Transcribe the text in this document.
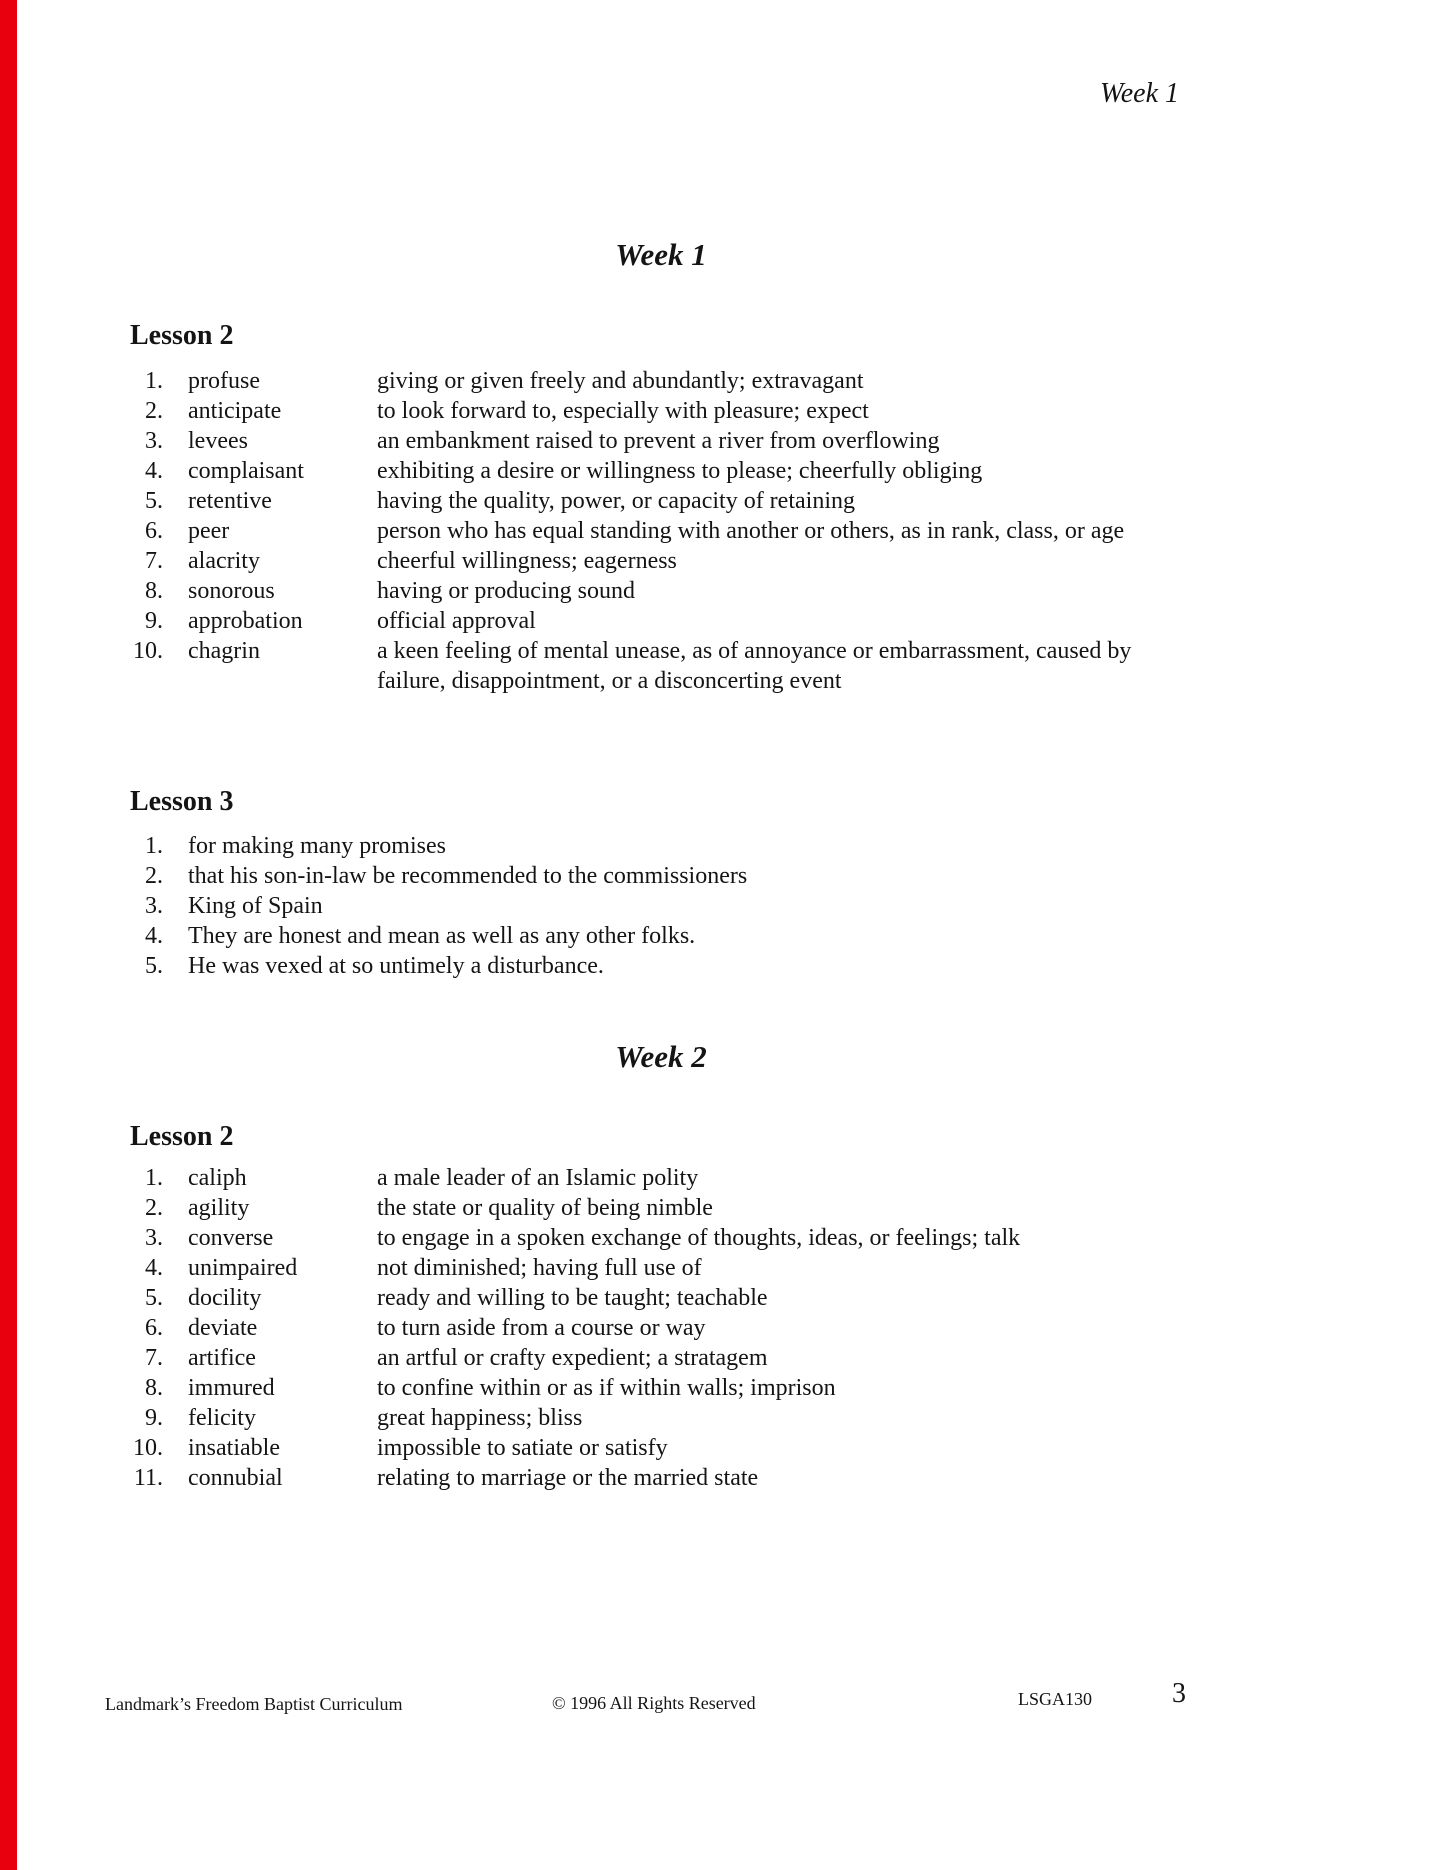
Week 1
Week 1
Lesson 2
1.	profuse	giving or given freely and abundantly; extravagant
2.	anticipate	to look forward to, especially with pleasure; expect
3.	levees	an embankment raised to prevent a river from overflowing
4.	complaisant	exhibiting a desire or willingness to please; cheerfully obliging
5.	retentive	having the quality, power, or capacity of retaining
6.	peer	person who has equal standing with another or others, as in rank, class, or age
7.	alacrity	cheerful willingness; eagerness
8.	sonorous	having or producing sound
9.	approbation	official approval
10.	chagrin	a keen feeling of mental unease, as of annoyance or embarrassment, caused by failure, disappointment, or a disconcerting event
Lesson 3
1.	for making many promises
2.	that his son-in-law be recommended to the commissioners
3.	King of Spain
4.	They are honest and mean as well as any other folks.
5.	He was vexed at so untimely a disturbance.
Week 2
Lesson 2
1.	caliph	a male leader of an Islamic polity
2.	agility	the state or quality of being nimble
3.	converse	to engage in a spoken exchange of thoughts, ideas, or feelings; talk
4.	unimpaired	not diminished; having full use of
5.	docility	ready and willing to be taught; teachable
6.	deviate	to turn aside from a course or way
7.	artifice	an artful or crafty expedient; a stratagem
8.	immured	to confine within or as if within walls; imprison
9.	felicity	great happiness; bliss
10.	insatiable	impossible to satiate or satisfy
11.	connubial	relating to marriage or the married state
Landmark’s Freedom Baptist Curriculum	© 1996 All Rights Reserved	LSGA130	3
